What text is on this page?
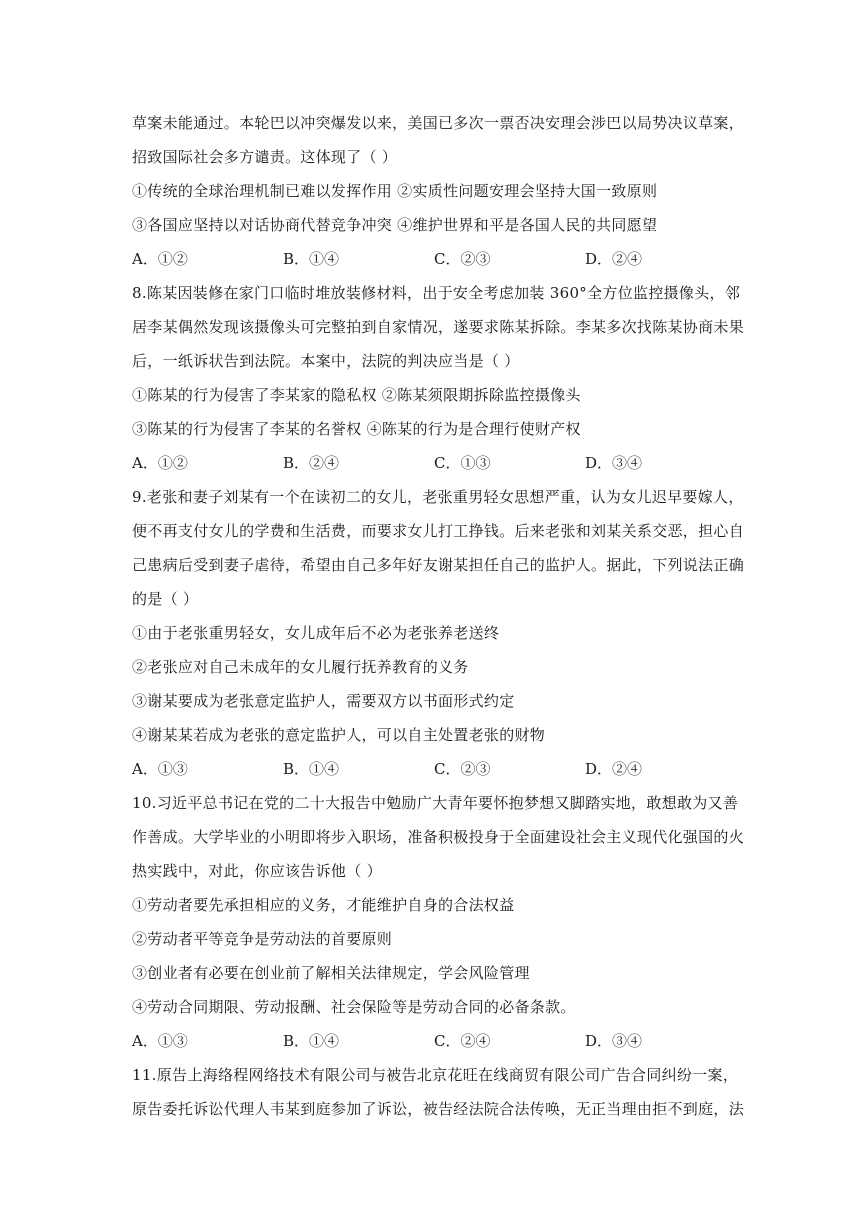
草案未能通过。本轮巴以冲突爆发以来，美国已多次一票否决安理会涉巴以局势决议草案，
招致国际社会多方谴责。这体现了（ ）
①传统的全球治理机制已难以发挥作用 ②实质性问题安理会坚持大国一致原则
③各国应坚持以对话协商代替竞争冲突 ④维护世界和平是各国人民的共同愿望
A．①②	B．①④	C．②③	D．②④
8.陈某因装修在家门口临时堆放装修材料，出于安全考虑加装 360°全方位监控摄像头，邻
居李某偶然发现该摄像头可完整拍到自家情况，遂要求陈某拆除。李某多次找陈某协商未果
后，一纸诉状告到法院。本案中，法院的判决应当是（ ）
①陈某的行为侵害了李某家的隐私权 ②陈某须限期拆除监控摄像头
③陈某的行为侵害了李某的名誉权 ④陈某的行为是合理行使财产权
A．①②	B．②④	C．①③	D．③④
9.老张和妻子刘某有一个在读初二的女儿，老张重男轻女思想严重，认为女儿迟早要嫁人，
便不再支付女儿的学费和生活费，而要求女儿打工挣钱。后来老张和刘某关系交恶，担心自
己患病后受到妻子虐待，希望由自己多年好友谢某担任自己的监护人。据此，下列说法正确
的是（ ）
①由于老张重男轻女，女儿成年后不必为老张养老送终
②老张应对自己未成年的女儿履行抚养教育的义务
③谢某要成为老张意定监护人，需要双方以书面形式约定
④谢某某若成为老张的意定监护人，可以自主处置老张的财物
A．①③	B．①④	C．②③	D．②④
10.习近平总书记在党的二十大报告中勉励广大青年要怀抱梦想又脚踏实地，敢想敢为又善
作善成。大学毕业的小明即将步入职场，准备积极投身于全面建设社会主义现代化强国的火
热实践中，对此，你应该告诉他（ ）
①劳动者要先承担相应的义务，才能维护自身的合法权益
②劳动者平等竞争是劳动法的首要原则
③创业者有必要在创业前了解相关法律规定，学会风险管理
④劳动合同期限、劳动报酬、社会保险等是劳动合同的必备条款。
A．①③	B．①④	C．②④	D．③④
11.原告上海络程网络技术有限公司与被告北京花旺在线商贸有限公司广告合同纠纷一案，
原告委托诉讼代理人韦某到庭参加了诉讼，被告经法院合法传唤，无正当理由拒不到庭，法
